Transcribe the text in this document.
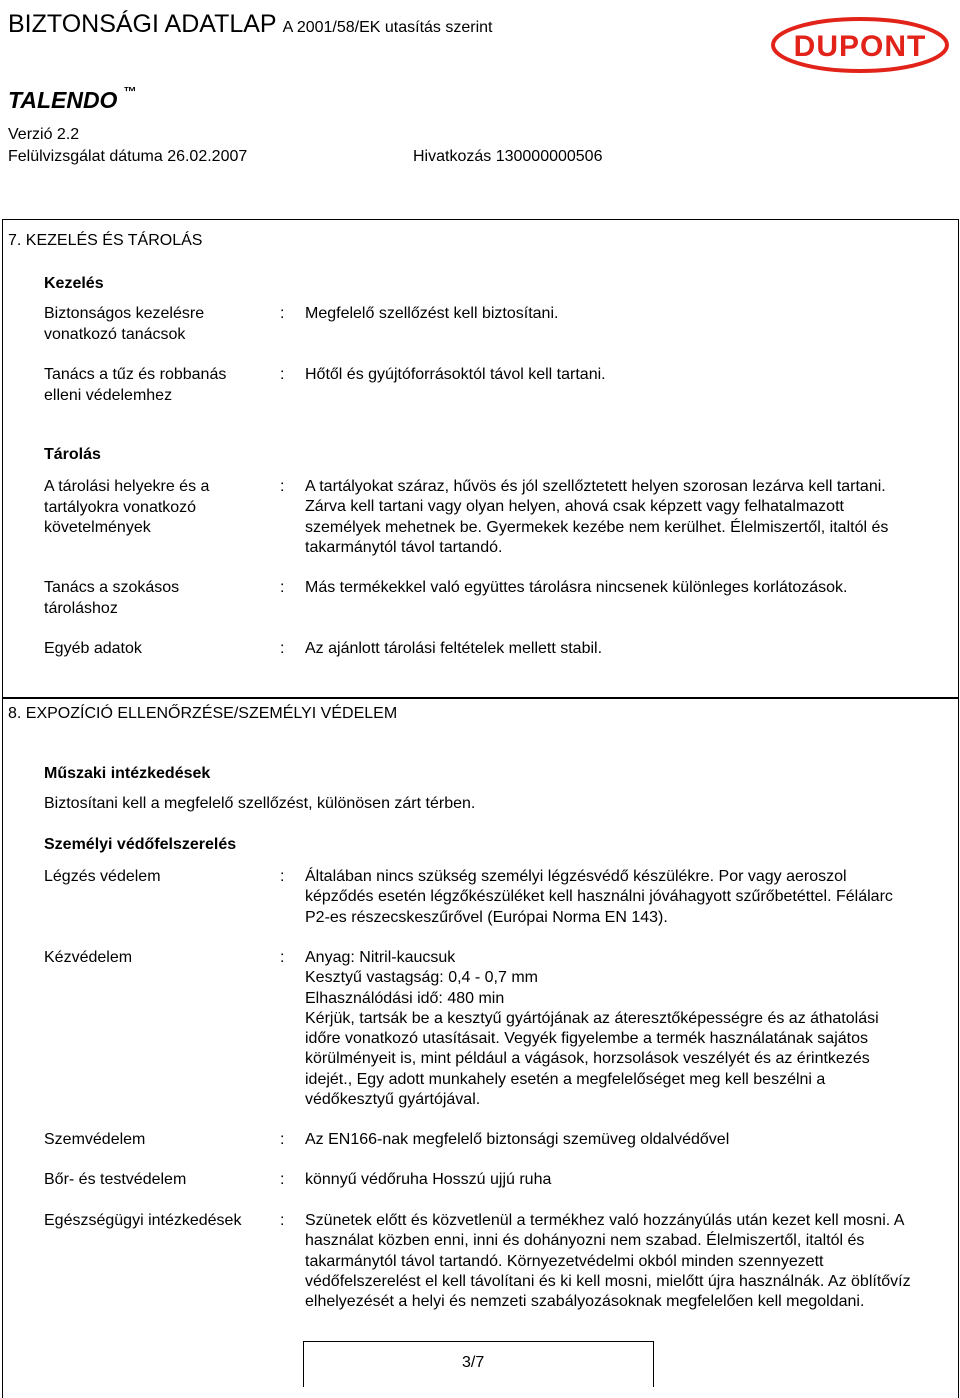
BIZTONSÁGI ADATLAP A 2001/58/EK utasítás szerint
TALENDO ™
Verzió 2.2
Felülvizsgálat dátuma 26.02.2007	Hivatkozás 130000000506
DUPONT
7. KEZELÉS ÉS TÁROLÁS
Kezelés
Biztonságos kezelésre vonatkozó tanácsok
: Megfelelő szellőzést kell biztosítani.
Tanács a tűz és robbanás elleni védelemhez
: Hőtől és gyújtóforrásoktól távol kell tartani.
Tárolás
A tárolási helyekre és a tartályokra vonatkozó követelmények
: A tartályokat száraz, hűvös és jól szellőztetett helyen szorosan lezárva kell tartani. Zárva kell tartani vagy olyan helyen, ahová csak képzett vagy felhatalmazott személyek mehetnek be. Gyermekek kezébe nem kerülhet. Élelmiszertől, italtól és takarmánytól távol tartandó.
Tanács a szokásos tároláshoz
: Más termékekkel való együttes tárolásra nincsenek különleges korlátozások.
Egyéb adatok	: Az ajánlott tárolási feltételek mellett stabil.
8. EXPOZÍCIÓ ELLENŐRZÉSE/SZEMÉLYI VÉDELEM
Műszaki intézkedések
Biztosítani kell a megfelelő szellőzést, különösen zárt térben.
Személyi védőfelszerelés
Légzés védelem	: Általában nincs szükség személyi légzésvédő készülékre. Por vagy aeroszol képződés esetén légzőkészüléket kell használni jóváhagyott szűrőbetéttel. Félálarc P2-es részecskeszűrővel (Európai Norma EN 143).
Kézvédelem	: Anyag: Nitril-kaucsuk
Kesztyű vastagság: 0,4 - 0,7 mm
Elhasználódási idő: 480 min
Kérjük, tartsák be a kesztyű gyártójának az áteresztőképességre és az áthatolási időre vonatkozó utasításait. Vegyék figyelembe a termék használatának sajátos körülményeit is, mint például a vágások, horzsolások veszélyét és az érintkezés idejét., Egy adott munkahely esetén a megfelelőséget meg kell beszélni a védőkesztyű gyártójával.
Szemvédelem	: Az EN166-nak megfelelő biztonsági szemüveg oldalvédővel
Bőr- és testvédelem	: könnyű védőruha Hosszú ujjú ruha
Egészségügyi intézkedések	: Szünetek előtt és közvetlenül a termékhez való hozzányúlás után kezet kell mosni. A használat közben enni, inni és dohányozni nem szabad. Élelmiszertől, italtól és takarmánytól távol tartandó. Környezetvédelmi okból minden szennyezett védőfelszerelést el kell távolítani és ki kell mosni, mielőtt újra használnák. Az öblítővíz elhelyezését a helyi és nemzeti szabályozásoknak megfelelően kell megoldani.
3/7
